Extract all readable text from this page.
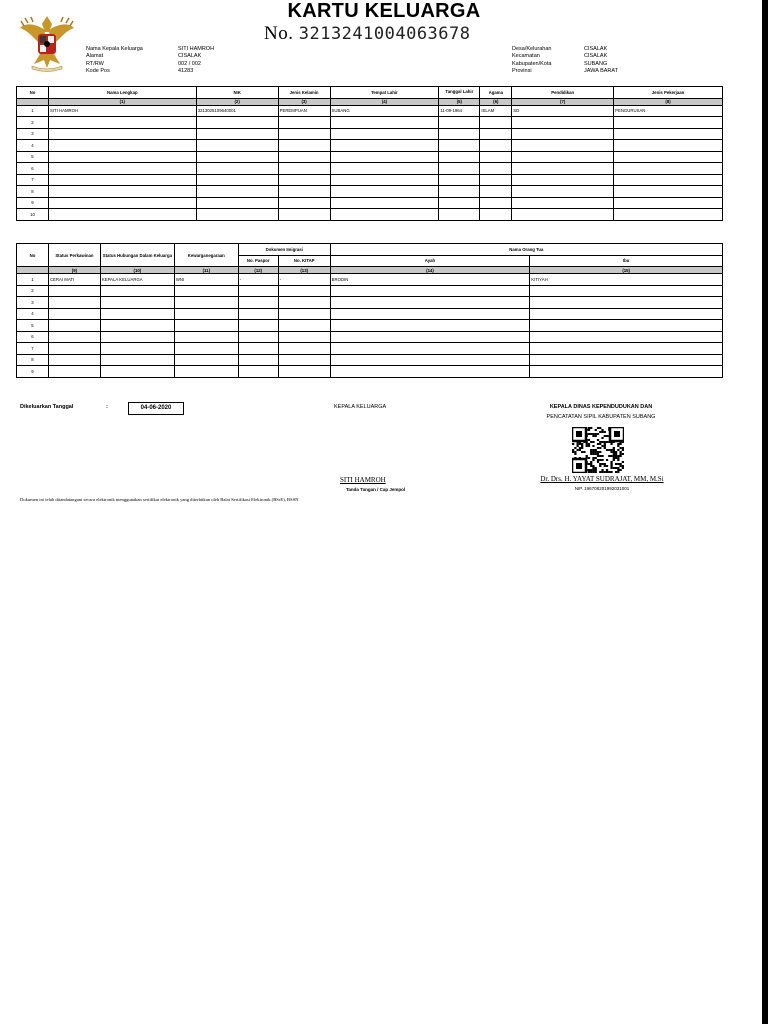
KARTU KELUARGA
No. 3213241004063678
Nama Kepala Keluarga	SITI HAMROH
Alamat	CISALAK
RT/RW	002 / 002
Kode Pos	41283
Desa/Kelurahan	CISALAK
Kecamatan	CISALAK
Kabupaten/Kota	SUBANG
Provinsi	JAWA BARAT
No	Nama Lengkap	NIK	Jenis Kelamin	Tempat Lahir	Tanggal Lahir	Agama	Pendidikan	Jenis Pekerjaan
	(1)	(2)	(3)	(4)	(5)	(6)	(7)	(8)
1	SITI HAMROH	3213025109640001	PEREMPUAN	SUBANG	11-09-1964	ISLAM	SD	PENGURUSAN
2								
3								
4								
5								
6								
7								
8								
9								
10								
No	Status Perkawinan	Status Hubungan Dalam Keluarga	Kewarganegaraan	Dokumen Imigrasi		Nama Orang Tua	
				No. Paspor	No. KITAP	Ayah	Ibu
	(9)	(10)	(11)	(12)	(13)	(14)	(15)
1	CERAI MATI	KEPALA KELUARGA	WNI	-	-	BRODIN	KITIYAH
2							
3							
4							
5							
6							
7							
8							
9							
Dikeluarkan Tanggal	:	04-06-2020	KEPALA KELUARGA	KEPALA DINAS KEPENDUDUKAN DAN
PENCATATAN SIPIL KABUPATEN SUBANG
SITI HAMROH
Tanda Tangan / Cap Jempol
Dr. Drs. H. YAYAT SUDRAJAT, MM, M.Si
NIP. 196708201992031001
Dokumen ini telah ditandatangani secara elektronik menggunakan sertifikat elektronik yang diterbitkan oleh Balai Sertifikasi Elektronik (BSrE), BSSN
